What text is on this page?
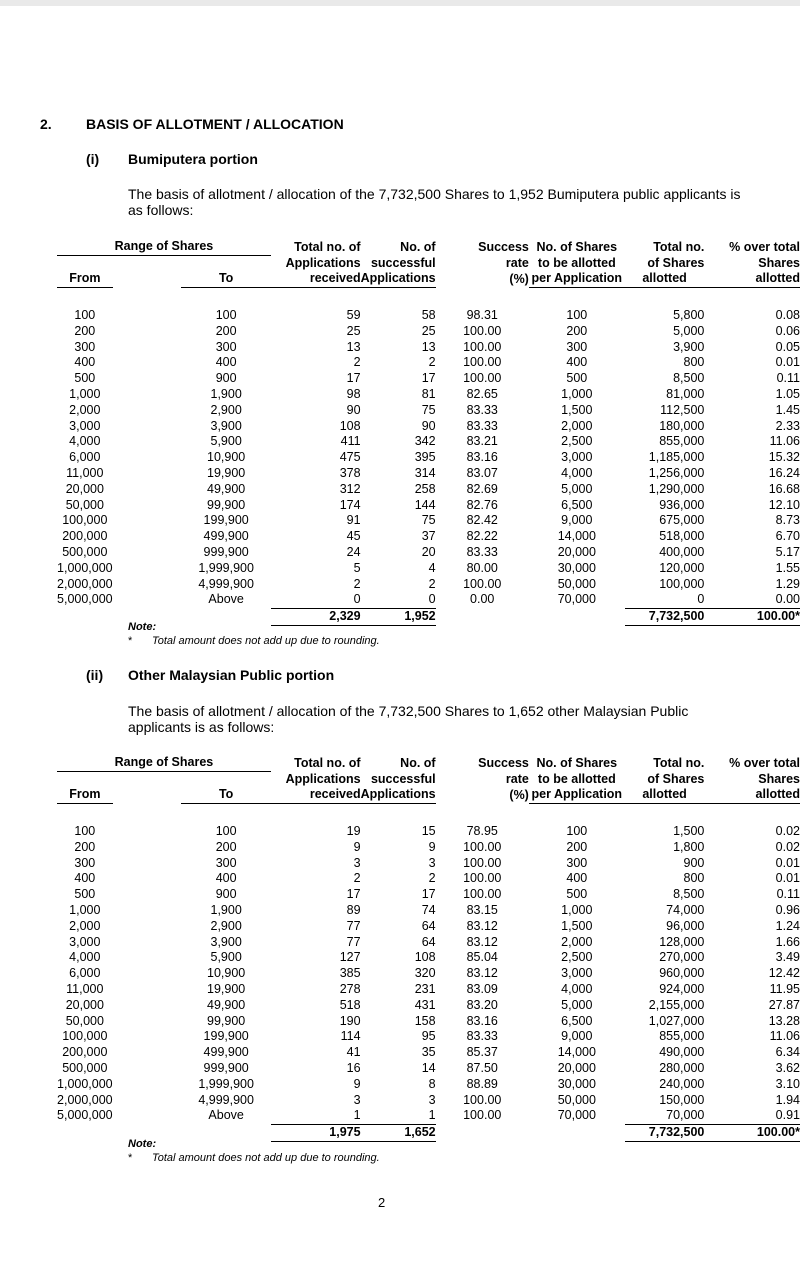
2. BASIS OF ALLOTMENT / ALLOCATION
(i) Bumiputera portion
The basis of allotment / allocation of the 7,732,500 Shares to 1,952 Bumiputera public applicants is as follows:
	Range of Shares			Total no. of	No. of	Success	No. of Shares	Total no.	% over total
				Applications	successful	rate	to be allotted	of Shares	Shares
	From		To	received	Applications	(%)	per Application	allotted	allotted

	100		100	59	58	98.31	100	5,800	0.08
	200		200	25	25	100.00	200	5,000	0.06
	300		300	13	13	100.00	300	3,900	0.05
	400		400	2	2	100.00	400	800	0.01
	500		900	17	17	100.00	500	8,500	0.11
	1,000		1,900	98	81	82.65	1,000	81,000	1.05
	2,000		2,900	90	75	83.33	1,500	112,500	1.45
	3,000		3,900	108	90	83.33	2,000	180,000	2.33
	4,000		5,900	411	342	83.21	2,500	855,000	11.06
	6,000		10,900	475	395	83.16	3,000	1,185,000	15.32
	11,000		19,900	378	314	83.07	4,000	1,256,000	16.24
	20,000		49,900	312	258	82.69	5,000	1,290,000	16.68
	50,000		99,900	174	144	82.76	6,500	936,000	12.10
	100,000		199,900	91	75	82.42	9,000	675,000	8.73
	200,000		499,900	45	37	82.22	14,000	518,000	6.70
	500,000		999,900	24	20	83.33	20,000	400,000	5.17
	1,000,000		1,999,900	5	4	80.00	30,000	120,000	1.55
	2,000,000		4,999,900	2	2	100.00	50,000	100,000	1.29
	5,000,000		Above	0	0	0.00	70,000	0	0.00
				2,329	1,952			7,732,500	100.00*
Note:
* Total amount does not add up due to rounding.
(ii) Other Malaysian Public portion
The basis of allotment / allocation of the 7,732,500 Shares to 1,652 other Malaysian Public applicants is as follows:
	Range of Shares			Total no. of	No. of	Success	No. of Shares	Total no.	% over total
				Applications	successful	rate	to be allotted	of Shares	Shares
	From		To	received	Applications	(%)	per Application	allotted	allotted

	100		100	19	15	78.95	100	1,500	0.02
	200		200	9	9	100.00	200	1,800	0.02
	300		300	3	3	100.00	300	900	0.01
	400		400	2	2	100.00	400	800	0.01
	500		900	17	17	100.00	500	8,500	0.11
	1,000		1,900	89	74	83.15	1,000	74,000	0.96
	2,000		2,900	77	64	83.12	1,500	96,000	1.24
	3,000		3,900	77	64	83.12	2,000	128,000	1.66
	4,000		5,900	127	108	85.04	2,500	270,000	3.49
	6,000		10,900	385	320	83.12	3,000	960,000	12.42
	11,000		19,900	278	231	83.09	4,000	924,000	11.95
	20,000		49,900	518	431	83.20	5,000	2,155,000	27.87
	50,000		99,900	190	158	83.16	6,500	1,027,000	13.28
	100,000		199,900	114	95	83.33	9,000	855,000	11.06
	200,000		499,900	41	35	85.37	14,000	490,000	6.34
	500,000		999,900	16	14	87.50	20,000	280,000	3.62
	1,000,000		1,999,900	9	8	88.89	30,000	240,000	3.10
	2,000,000		4,999,900	3	3	100.00	50,000	150,000	1.94
	5,000,000		Above	1	1	100.00	70,000	70,000	0.91
				1,975	1,652			7,732,500	100.00*
Note:
* Total amount does not add up due to rounding.
2
